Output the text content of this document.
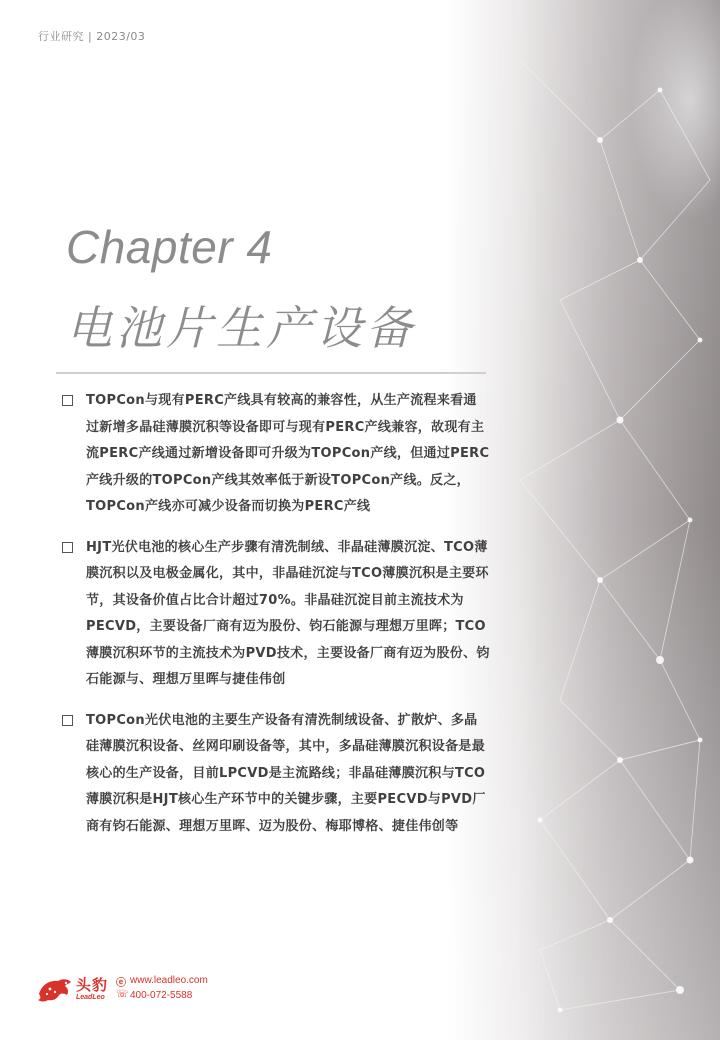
行业研究 | 2023/03
Chapter 4
电池片生产设备
TOPCon与现有PERC产线具有较高的兼容性，从生产流程来看通过新增多晶硅薄膜沉积等设备即可与现有PERC产线兼容，故现有主流PERC产线通过新增设备即可升级为TOPCon产线，但通过PERC产线升级的TOPCon产线其效率低于新设TOPCon产线。反之，TOPCon产线亦可减少设备而切换为PERC产线
HJT光伏电池的核心生产步骤有清洗制绒、非晶硅薄膜沉淀、TCO薄膜沉积以及电极金属化，其中，非晶硅沉淀与TCO薄膜沉积是主要环节，其设备价值占比合计超过70%。非晶硅沉淀目前主流技术为PECVD，主要设备厂商有迈为股份、钧石能源与理想万里晖；TCO薄膜沉积环节的主流技术为PVD技术，主要设备厂商有迈为股份、钧石能源与、理想万里晖与捷佳伟创
TOPCon光伏电池的主要生产设备有清洗制绒设备、扩散炉、多晶硅薄膜沉积设备、丝网印刷设备等，其中，多晶硅薄膜沉积设备是最核心的生产设备，目前LPCVD是主流路线；非晶硅薄膜沉积与TCO薄膜沉积是HJT核心生产环节中的关键步骤，主要PECVD与PVD厂商有钧石能源、理想万里晖、迈为股份、梅耶博格、捷佳伟创等
头豹
LeadLeo
ⓔ www.leadleo.com
☏ 400-072-5588
